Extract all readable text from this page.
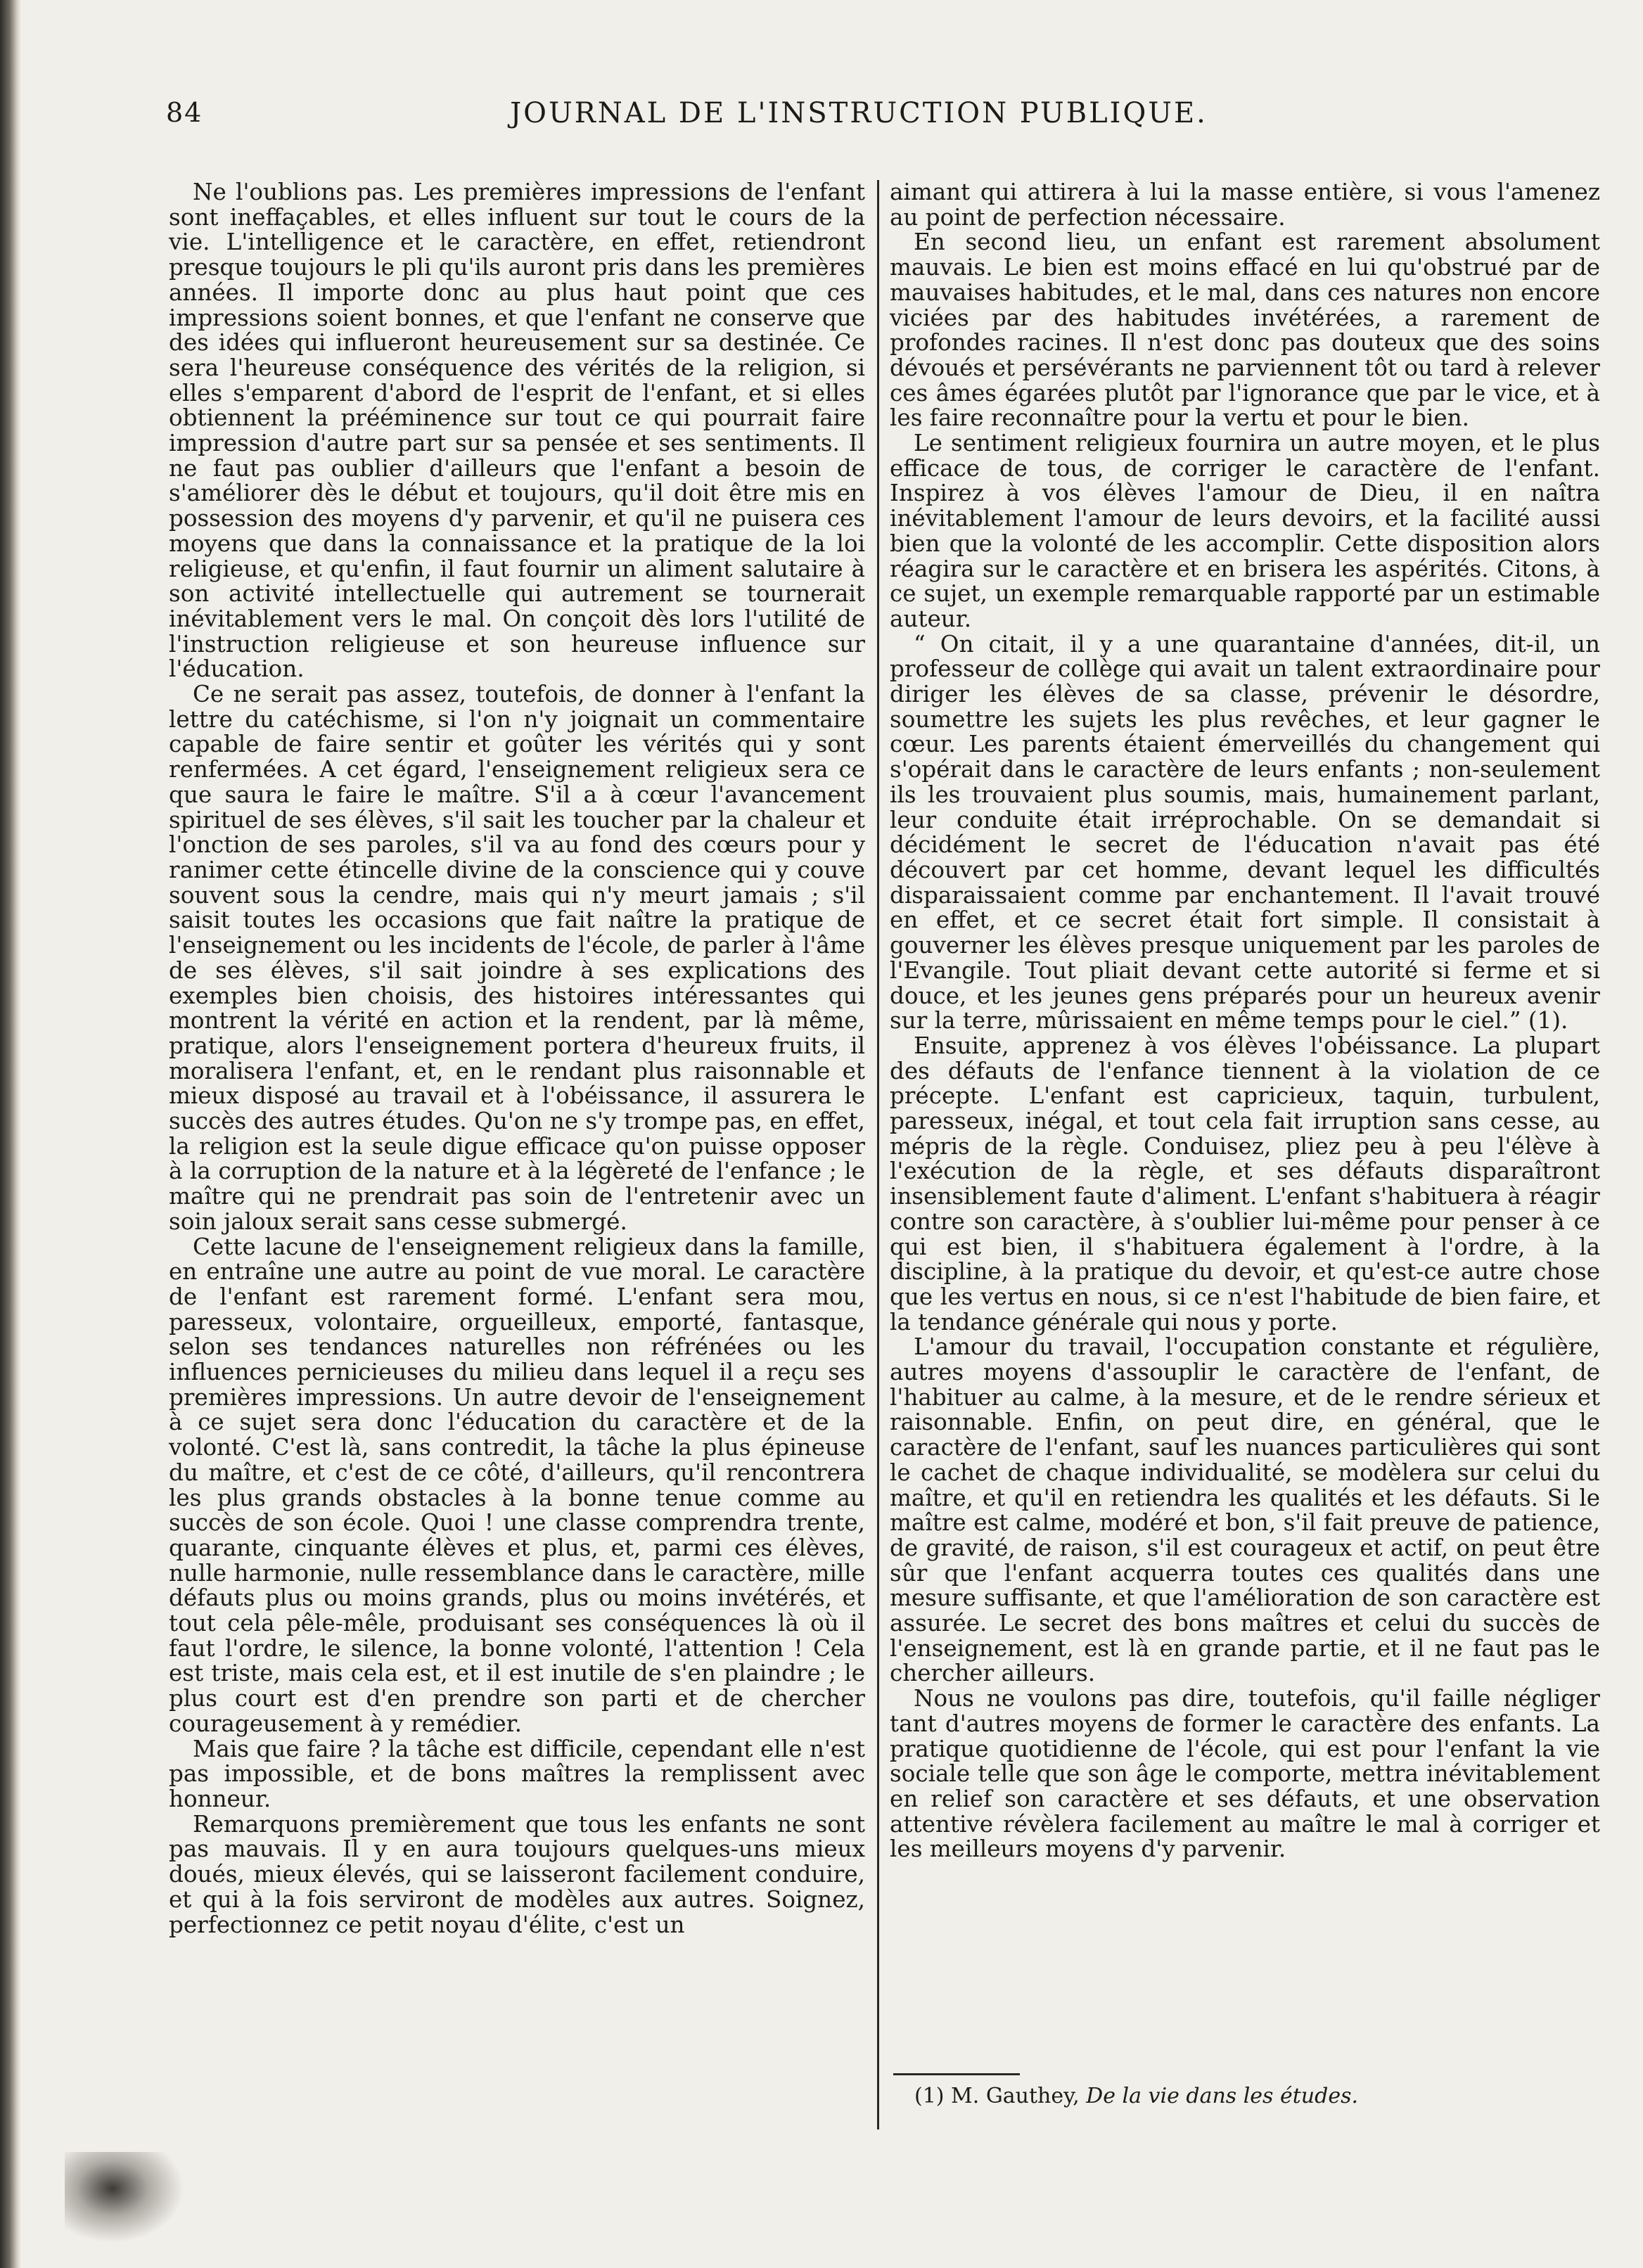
84	JOURNAL DE L'INSTRUCTION PUBLIQUE.

Ne l'oublions pas. Les premières impressions de l'enfant sont ineffaçables, et elles influent sur tout le cours de la vie. L'intelligence et le caractère, en effet, retiendront presque toujours le pli qu'ils auront pris dans les premières années. Il importe donc au plus haut point que ces impressions soient bonnes, et que l'enfant ne conserve que des idées qui influeront heureusement sur sa destinée. Ce sera l'heureuse conséquence des vérités de la religion, si elles s'emparent d'abord de l'esprit de l'enfant, et si elles obtiennent la prééminence sur tout ce qui pourrait faire impression d'autre part sur sa pensée et ses sentiments. Il ne faut pas oublier d'ailleurs que l'enfant a besoin de s'améliorer dès le début et toujours, qu'il doit être mis en possession des moyens d'y parvenir, et qu'il ne puisera ces moyens que dans la connaissance et la pratique de la loi religieuse, et qu'enfin, il faut fournir un aliment salutaire à son activité intellectuelle qui autrement se tournerait inévitablement vers le mal. On conçoit dès lors l'utilité de l'instruction religieuse et son heureuse influence sur l'éducation.

Ce ne serait pas assez, toutefois, de donner à l'enfant la lettre du catéchisme, si l'on n'y joignait un commentaire capable de faire sentir et goûter les vérités qui y sont renfermées. A cet égard, l'enseignement religieux sera ce que saura le faire le maître. S'il a à cœur l'avancement spirituel de ses élèves, s'il sait les toucher par la chaleur et l'onction de ses paroles, s'il va au fond des cœurs pour y ranimer cette étincelle divine de la conscience qui y couve souvent sous la cendre, mais qui n'y meurt jamais ; s'il saisit toutes les occasions que fait naître la pratique de l'enseignement ou les incidents de l'école, de parler à l'âme de ses élèves, s'il sait joindre à ses explications des exemples bien choisis, des histoires intéressantes qui montrent la vérité en action et la rendent, par là même, pratique, alors l'enseignement portera d'heureux fruits, il moralisera l'enfant, et, en le rendant plus raisonnable et mieux disposé au travail et à l'obéissance, il assurera le succès des autres études. Qu'on ne s'y trompe pas, en effet, la religion est la seule digue efficace qu'on puisse opposer à la corruption de la nature et à la légèreté de l'enfance ; le maître qui ne prendrait pas soin de l'entretenir avec un soin jaloux serait sans cesse submergé.

Cette lacune de l'enseignement religieux dans la famille, en entraîne une autre au point de vue moral. Le caractère de l'enfant est rarement formé. L'enfant sera mou, paresseux, volontaire, orgueilleux, emporté, fantasque, selon ses tendances naturelles non réfrénées ou les influences pernicieuses du milieu dans lequel il a reçu ses premières impressions. Un autre devoir de l'enseignement à ce sujet sera donc l'éducation du caractère et de la volonté. C'est là, sans contredit, la tâche la plus épineuse du maître, et c'est de ce côté, d'ailleurs, qu'il rencontrera les plus grands obstacles à la bonne tenue comme au succès de son école. Quoi ! une classe comprendra trente, quarante, cinquante élèves et plus, et, parmi ces élèves, nulle harmonie, nulle ressemblance dans le caractère, mille défauts plus ou moins grands, plus ou moins invétérés, et tout cela pêle-mêle, produisant ses conséquences là où il faut l'ordre, le silence, la bonne volonté, l'attention ! Cela est triste, mais cela est, et il est inutile de s'en plaindre ; le plus court est d'en prendre son parti et de chercher courageusement à y remédier.

Mais que faire ? la tâche est difficile, cependant elle n'est pas impossible, et de bons maîtres la remplissent avec honneur.

Remarquons premièrement que tous les enfants ne sont pas mauvais. Il y en aura toujours quelques-uns mieux doués, mieux élevés, qui se laisseront facilement conduire, et qui à la fois serviront de modèles aux autres. Soignez, perfectionnez ce petit noyau d'élite, c'est un

aimant qui attirera à lui la masse entière, si vous l'amenez au point de perfection nécessaire.

En second lieu, un enfant est rarement absolument mauvais. Le bien est moins effacé en lui qu'obstrué par de mauvaises habitudes, et le mal, dans ces natures non encore viciées par des habitudes invétérées, a rarement de profondes racines. Il n'est donc pas douteux que des soins dévoués et persévérants ne parviennent tôt ou tard à relever ces âmes égarées plutôt par l'ignorance que par le vice, et à les faire reconnaître pour la vertu et pour le bien.

Le sentiment religieux fournira un autre moyen, et le plus efficace de tous, de corriger le caractère de l'enfant. Inspirez à vos élèves l'amour de Dieu, il en naîtra inévitablement l'amour de leurs devoirs, et la facilité aussi bien que la volonté de les accomplir. Cette disposition alors réagira sur le caractère et en brisera les aspérités. Citons, à ce sujet, un exemple remarquable rapporté par un estimable auteur.

“ On citait, il y a une quarantaine d'années, dit-il, un professeur de collège qui avait un talent extraordinaire pour diriger les élèves de sa classe, prévenir le désordre, soumettre les sujets les plus revêches, et leur gagner le cœur. Les parents étaient émerveillés du changement qui s'opérait dans le caractère de leurs enfants ; non-seulement ils les trouvaient plus soumis, mais, humainement parlant, leur conduite était irréprochable. On se demandait si décidément le secret de l'éducation n'avait pas été découvert par cet homme, devant lequel les difficultés disparaissaient comme par enchantement. Il l'avait trouvé en effet, et ce secret était fort simple. Il consistait à gouverner les élèves presque uniquement par les paroles de l'Evangile. Tout pliait devant cette autorité si ferme et si douce, et les jeunes gens préparés pour un heureux avenir sur la terre, mûrissaient en même temps pour le ciel.” (1).

Ensuite, apprenez à vos élèves l'obéissance. La plupart des défauts de l'enfance tiennent à la violation de ce précepte. L'enfant est capricieux, taquin, turbulent, paresseux, inégal, et tout cela fait irruption sans cesse, au mépris de la règle. Conduisez, pliez peu à peu l'élève à l'exécution de la règle, et ses défauts disparaîtront insensiblement faute d'aliment. L'enfant s'habituera à réagir contre son caractère, à s'oublier lui-même pour penser à ce qui est bien, il s'habituera également à l'ordre, à la discipline, à la pratique du devoir, et qu'est-ce autre chose que les vertus en nous, si ce n'est l'habitude de bien faire, et la tendance générale qui nous y porte.

L'amour du travail, l'occupation constante et régulière, autres moyens d'assouplir le caractère de l'enfant, de l'habituer au calme, à la mesure, et de le rendre sérieux et raisonnable. Enfin, on peut dire, en général, que le caractère de l'enfant, sauf les nuances particulières qui sont le cachet de chaque individualité, se modèlera sur celui du maître, et qu'il en retiendra les qualités et les défauts. Si le maître est calme, modéré et bon, s'il fait preuve de patience, de gravité, de raison, s'il est courageux et actif, on peut être sûr que l'enfant acquerra toutes ces qualités dans une mesure suffisante, et que l'amélioration de son caractère est assurée. Le secret des bons maîtres et celui du succès de l'enseignement, est là en grande partie, et il ne faut pas le chercher ailleurs.

Nous ne voulons pas dire, toutefois, qu'il faille négliger tant d'autres moyens de former le caractère des enfants. La pratique quotidienne de l'école, qui est pour l'enfant la vie sociale telle que son âge le comporte, mettra inévitablement en relief son caractère et ses défauts, et une observation attentive révèlera facilement au maître le mal à corriger et les meilleurs moyens d'y parvenir.

(1) M. Gauthey, De la vie dans les études.
